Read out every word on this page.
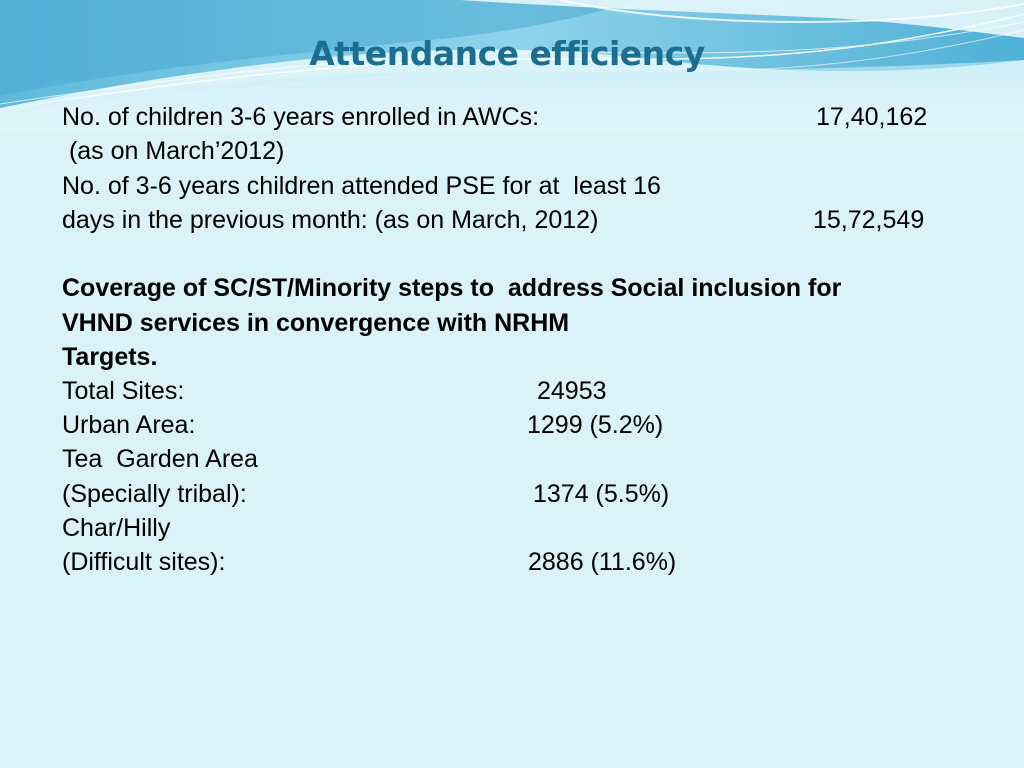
Attendance efficiency
No. of children 3-6 years enrolled in AWCs:	17,40,162
(as on March’2012)
No. of 3-6 years children attended PSE for at  least 16
days in the previous month: (as on March, 2012)	15,72,549
Coverage of SC/ST/Minority steps to  address Social inclusion for
VHND services in convergence with NRHM
Targets.
Total Sites:	24953
Urban Area:	1299 (5.2%)
Tea  Garden Area
(Specially tribal):	1374 (5.5%)
Char/Hilly
(Difficult sites):	2886 (11.6%)
